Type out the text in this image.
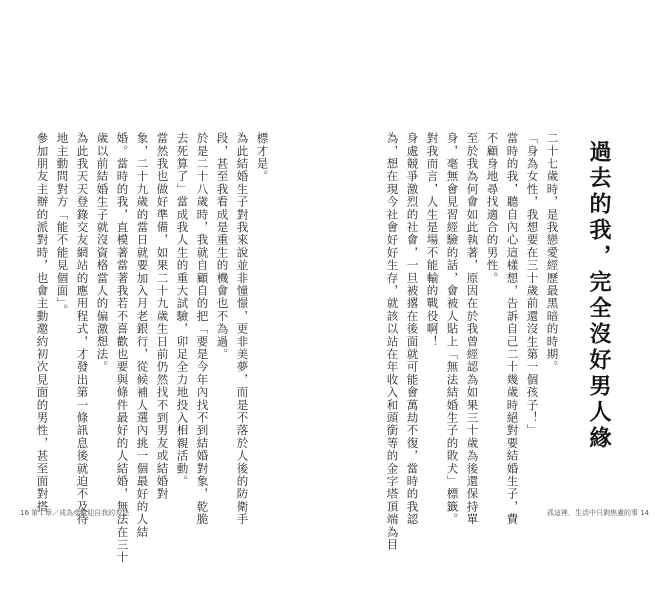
過去的我，完全沒好男人緣
二十七歲時，是我戀愛經歷最黑暗的時期。
「身為女性，我想要在三十歲前還沒生第一個孩子！」
當時的我，聽自內心這樣想，告訴自己二十幾歲時絕對要結婚生子，費
不顧身地尋找適合的男性。
至於我為何會如此執著，原因在於我曾經認為如果三十歲為後還保持單
身，毫無會見習經驗的話，會被人貼上「無法結婚生子的敗犬」標籤。
對我而言，人生是場不能輸的戰役啊！
身處競爭激烈的社會，一旦被撂在後面就可能會萬劫不復，當時的我認
為，想在現今社會好好生存，就該以站在年收入和頭銜等的金字塔頂端為目	孤這裡．生活中只剩焦慮的事 14
標才是。
為此結婚生子對我來說並非憧憬，更非美夢，而是不落於人後的防衛手
段，甚至我看成是重生的機會也不為過。
於是二十八歲時，我就自顧自的把「要是今年內找不到結婚對象，乾脆
去死算了」當成我人生的重大試驗，卯足全力地投入相親活動。
當然我也做好準備，如果二十九歲生日前仍然找不到男友或結婚對
象，二十九歲的當日就要加入月老銀行，從候補人選內挑一個最好的人結
婚。當時的我，直模著當著我若不喜歡也要與條件最好的人結婚，無法在三十
歲以前結婚生子就沒資格當人的偏激想法。
為此我天天登錄交友網站的應用程式，才發出第一條訊息後就迫不及待
地主動問對方「能不能見個面」。
參加朋友主辦的派對時，也會主動邀約初次見面的男性，甚至面對搭
16 第１章／成為受歡迎自我的方法
